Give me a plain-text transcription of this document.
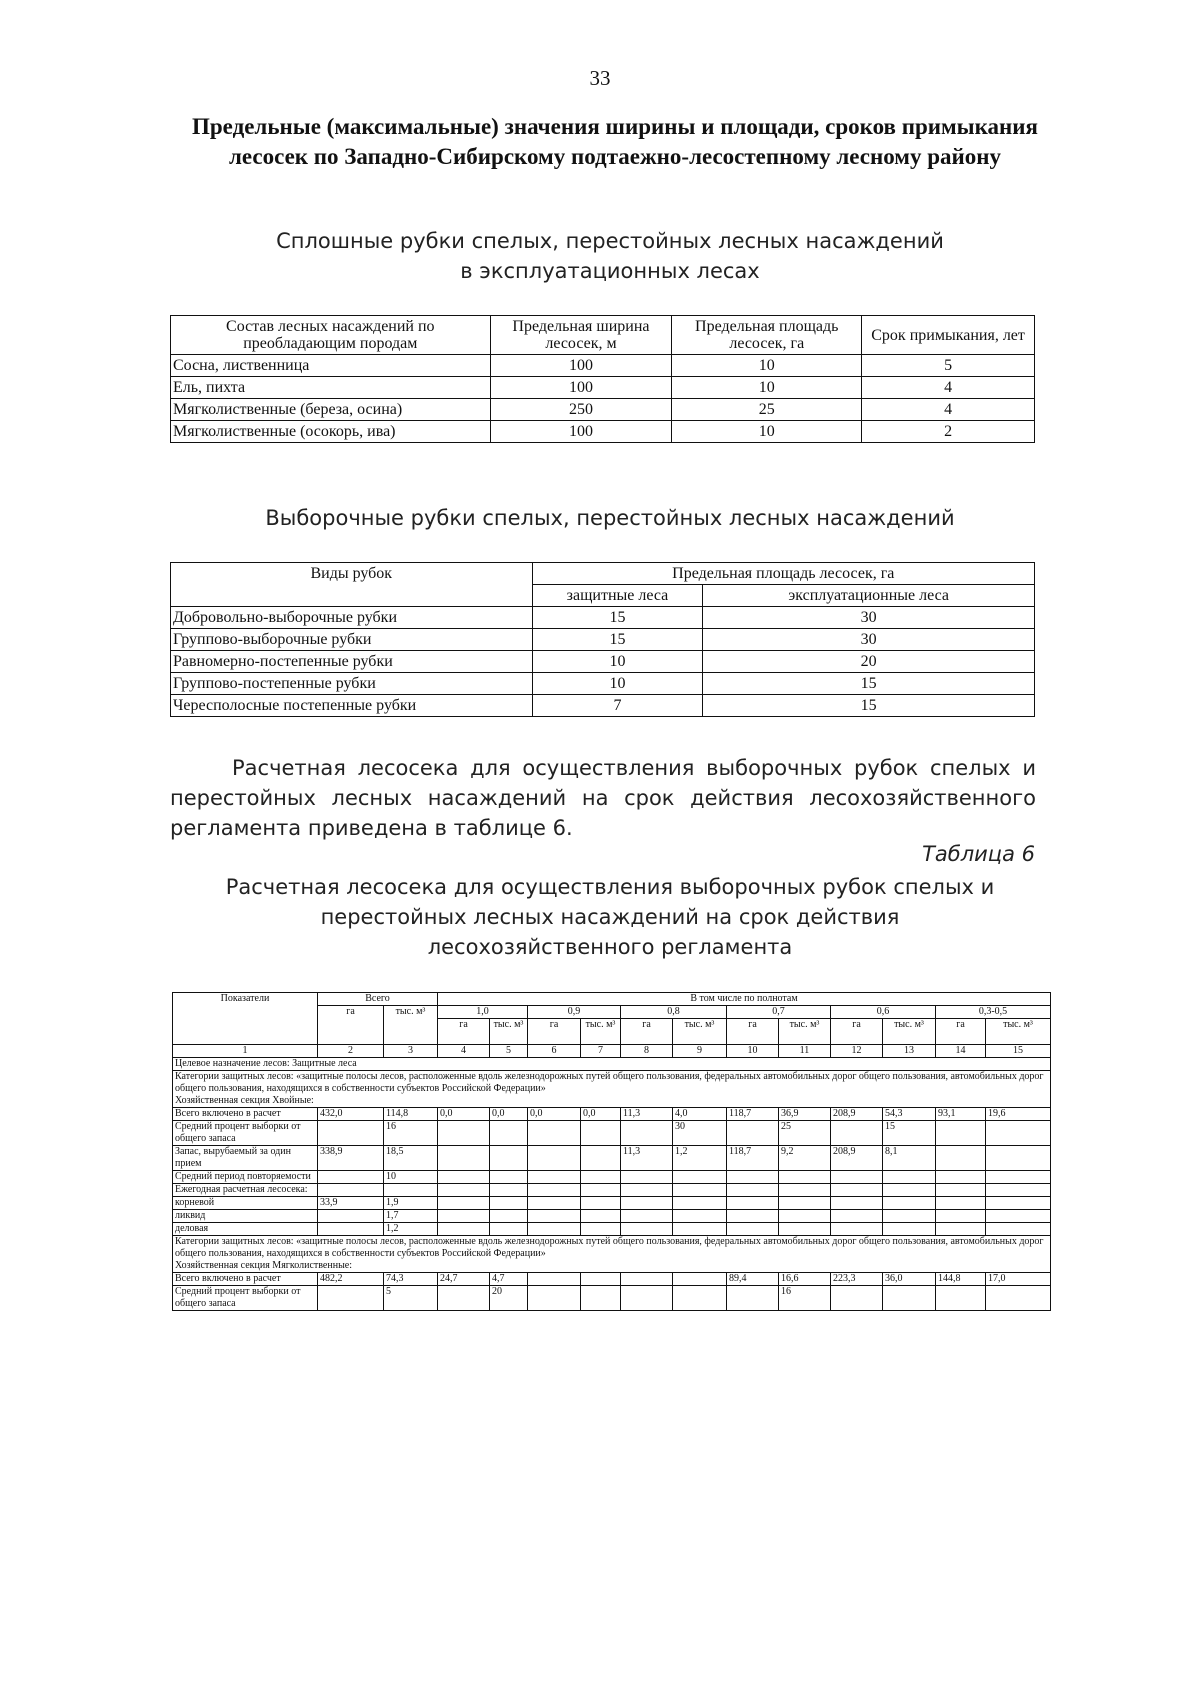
33
Предельные (максимальные) значения ширины и площади, сроков примыкания лесосек по Западно-Сибирскому подтаежно-лесостепному лесному району
Сплошные рубки спелых, перестойных лесных насаждений
в эксплуатационных лесах
Состав лесных насаждений по преобладающим породам	Предельная ширина лесосек, м	Предельная площадь лесосек, га	Срок примыкания, лет
Сосна, лиственница	100	10	5
Ель, пихта	100	10	4
Мягколиственные (береза, осина)	250	25	4
Мягколиственные (осокорь, ива)	100	10	2
Выборочные рубки спелых, перестойных лесных насаждений
Виды рубок	Предельная площадь лесосек, га	
	защитные леса	эксплуатационные леса
Добровольно-выборочные рубки	15	30
Группово-выборочные рубки	15	30
Равномерно-постепенные рубки	10	20
Группово-постепенные рубки	10	15
Чересполосные постепенные рубки	7	15
Расчетная лесосека для осуществления выборочных рубок спелых и перестойных лесных насаждений на срок действия лесохозяйственного регламента приведена в таблице 6.
Таблица 6
Расчетная лесосека для осуществления выборочных рубок спелых и
перестойных лесных насаждений на срок действия
лесохозяйственного регламента
Показатели	Всего		В том числе по полнотам											
	га	тыс. м³	1,0		0,9		0,8		0,7		0,6		0,3-0,5	
			га	тыс. м³	га	тыс. м³	га	тыс. м³	га	тыс. м³	га	тыс. м³	га	тыс. м³
1	2	3	4	5	6	7	8	9	10	11	12	13	14	15
Целевое назначение лесов: Защитные леса														

Категории защитных лесов: «защитные полосы лесов, расположенные вдоль железнодорожных путей общего пользования, федеральных автомобильных дорог общего пользования, автомобильных дорог общего пользования, находящихся в собственности субъектов Российской Федерации»
Хозяйственная секция Хвойные:														

Всего включено в расчет	432,0	114,8	0,0	0,0	0,0	0,0	11,3	4,0	118,7	36,9	208,9	54,3	93,1	19,6
Средний процент выборки от общего запаса		16						30		25		15		
Запас, вырубаемый за один прием	338,9	18,5					11,3	1,2	118,7	9,2	208,9	8,1		
Средний период повторяемости		10												
Ежегодная расчетная лесосека:														
корневой	33,9	1,9												
ликвид		1,7												
деловая		1,2												

Категории защитных лесов: «защитные полосы лесов, расположенные вдоль железнодорожных путей общего пользования, федеральных автомобильных дорог общего пользования, автомобильных дорог общего пользования, находящихся в собственности субъектов Российской Федерации»
Хозяйственная секция Мягколиственные:														

Всего включено в расчет	482,2	74,3	24,7	4,7					89,4	16,6	223,3	36,0	144,8	17,0
Средний процент выборки от общего запаса		5		20						16				
